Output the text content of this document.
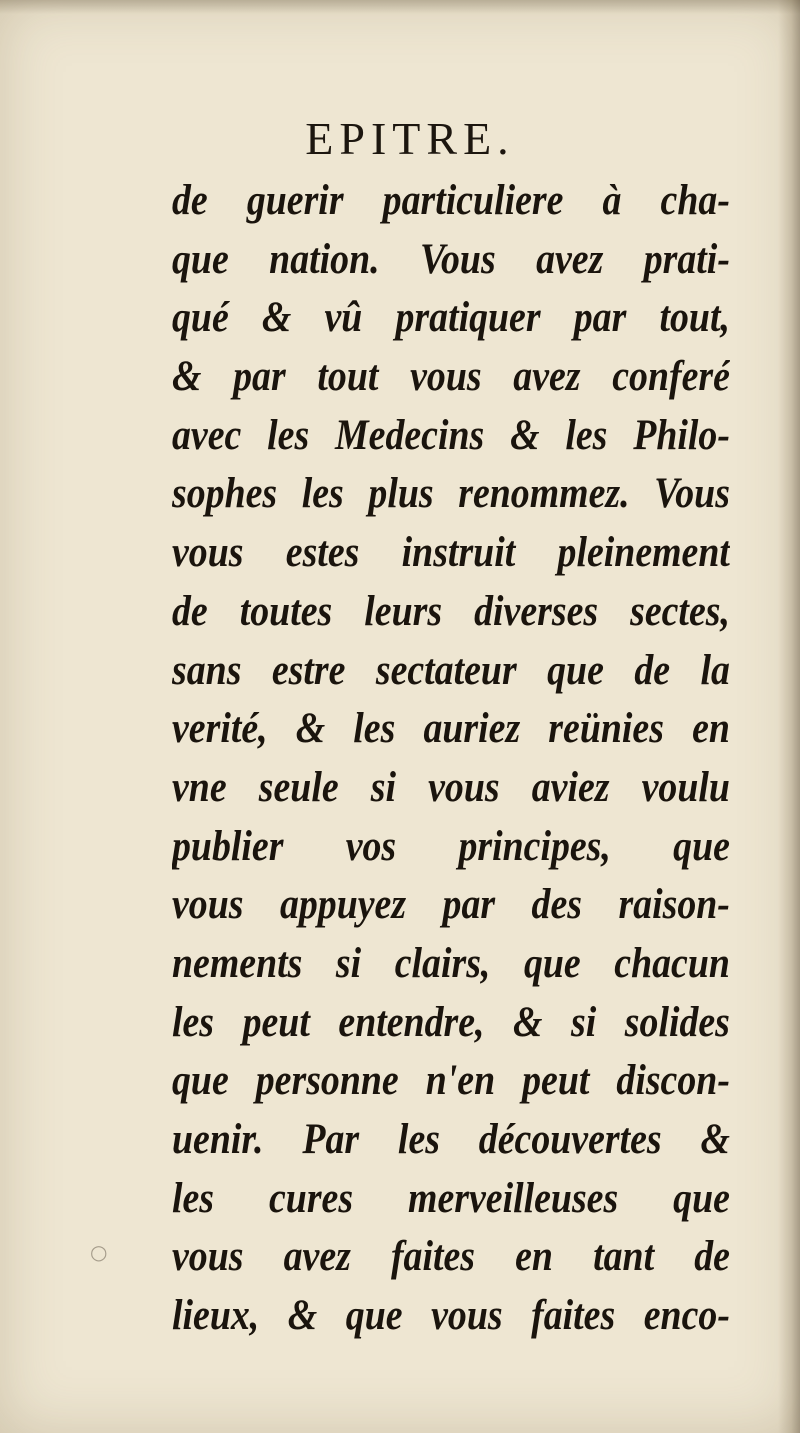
EPITRE.
de guerir particuliere à cha-
que nation. Vous avez prati-
qué & vû pratiquer par tout,
& par tout vous avez conferé
avec les Medecins & les Philo-
sophes les plus renommez. Vous
vous estes instruit pleinement
de toutes leurs diverses sectes,
sans estre sectateur que de la
verité, & les auriez reünies en
vne seule si vous aviez voulu
publier vos principes, que
vous appuyez par des raison-
nements si clairs, que chacun
les peut entendre, & si solides
que personne n'en peut discon-
uenir. Par les découvertes &
les cures merveilleuses que
vous avez faites en tant de
lieux, & que vous faites enco-
○
